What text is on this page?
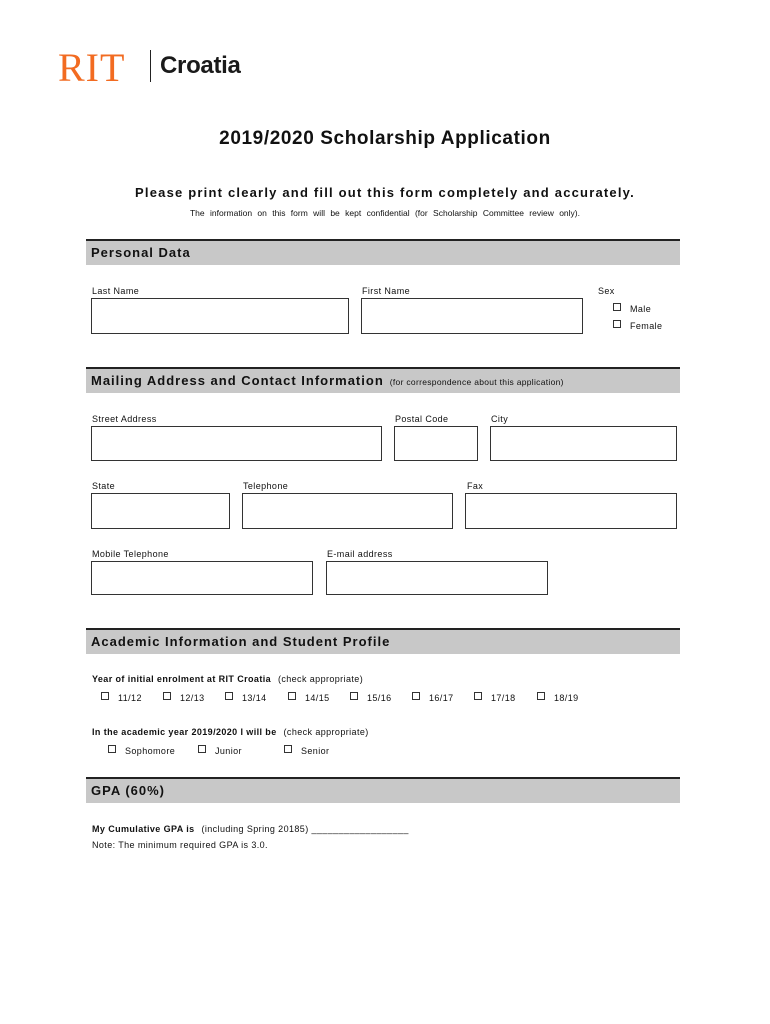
RIT Croatia
2019/2020 Scholarship Application
Please print clearly and fill out this form completely and accurately.
The information on this form will be kept confidential (for Scholarship Committee review only).
Personal Data
Last Name	First Name	Sex
Male
Female
Mailing Address and Contact Information (for correspondence about this application)
Street Address	Postal Code	City
State	Telephone	Fax
Mobile Telephone	E-mail address
Academic Information and Student Profile
Year of initial enrolment at RIT Croatia (check appropriate)
11/12	12/13	13/14	14/15	15/16	16/17	17/18	18/19
In the academic year 2019/2020 I will be (check appropriate)
Sophomore	Junior	Senior
GPA (60%)
My Cumulative GPA is (including Spring 20185) __________________
Note: The minimum required GPA is 3.0.
